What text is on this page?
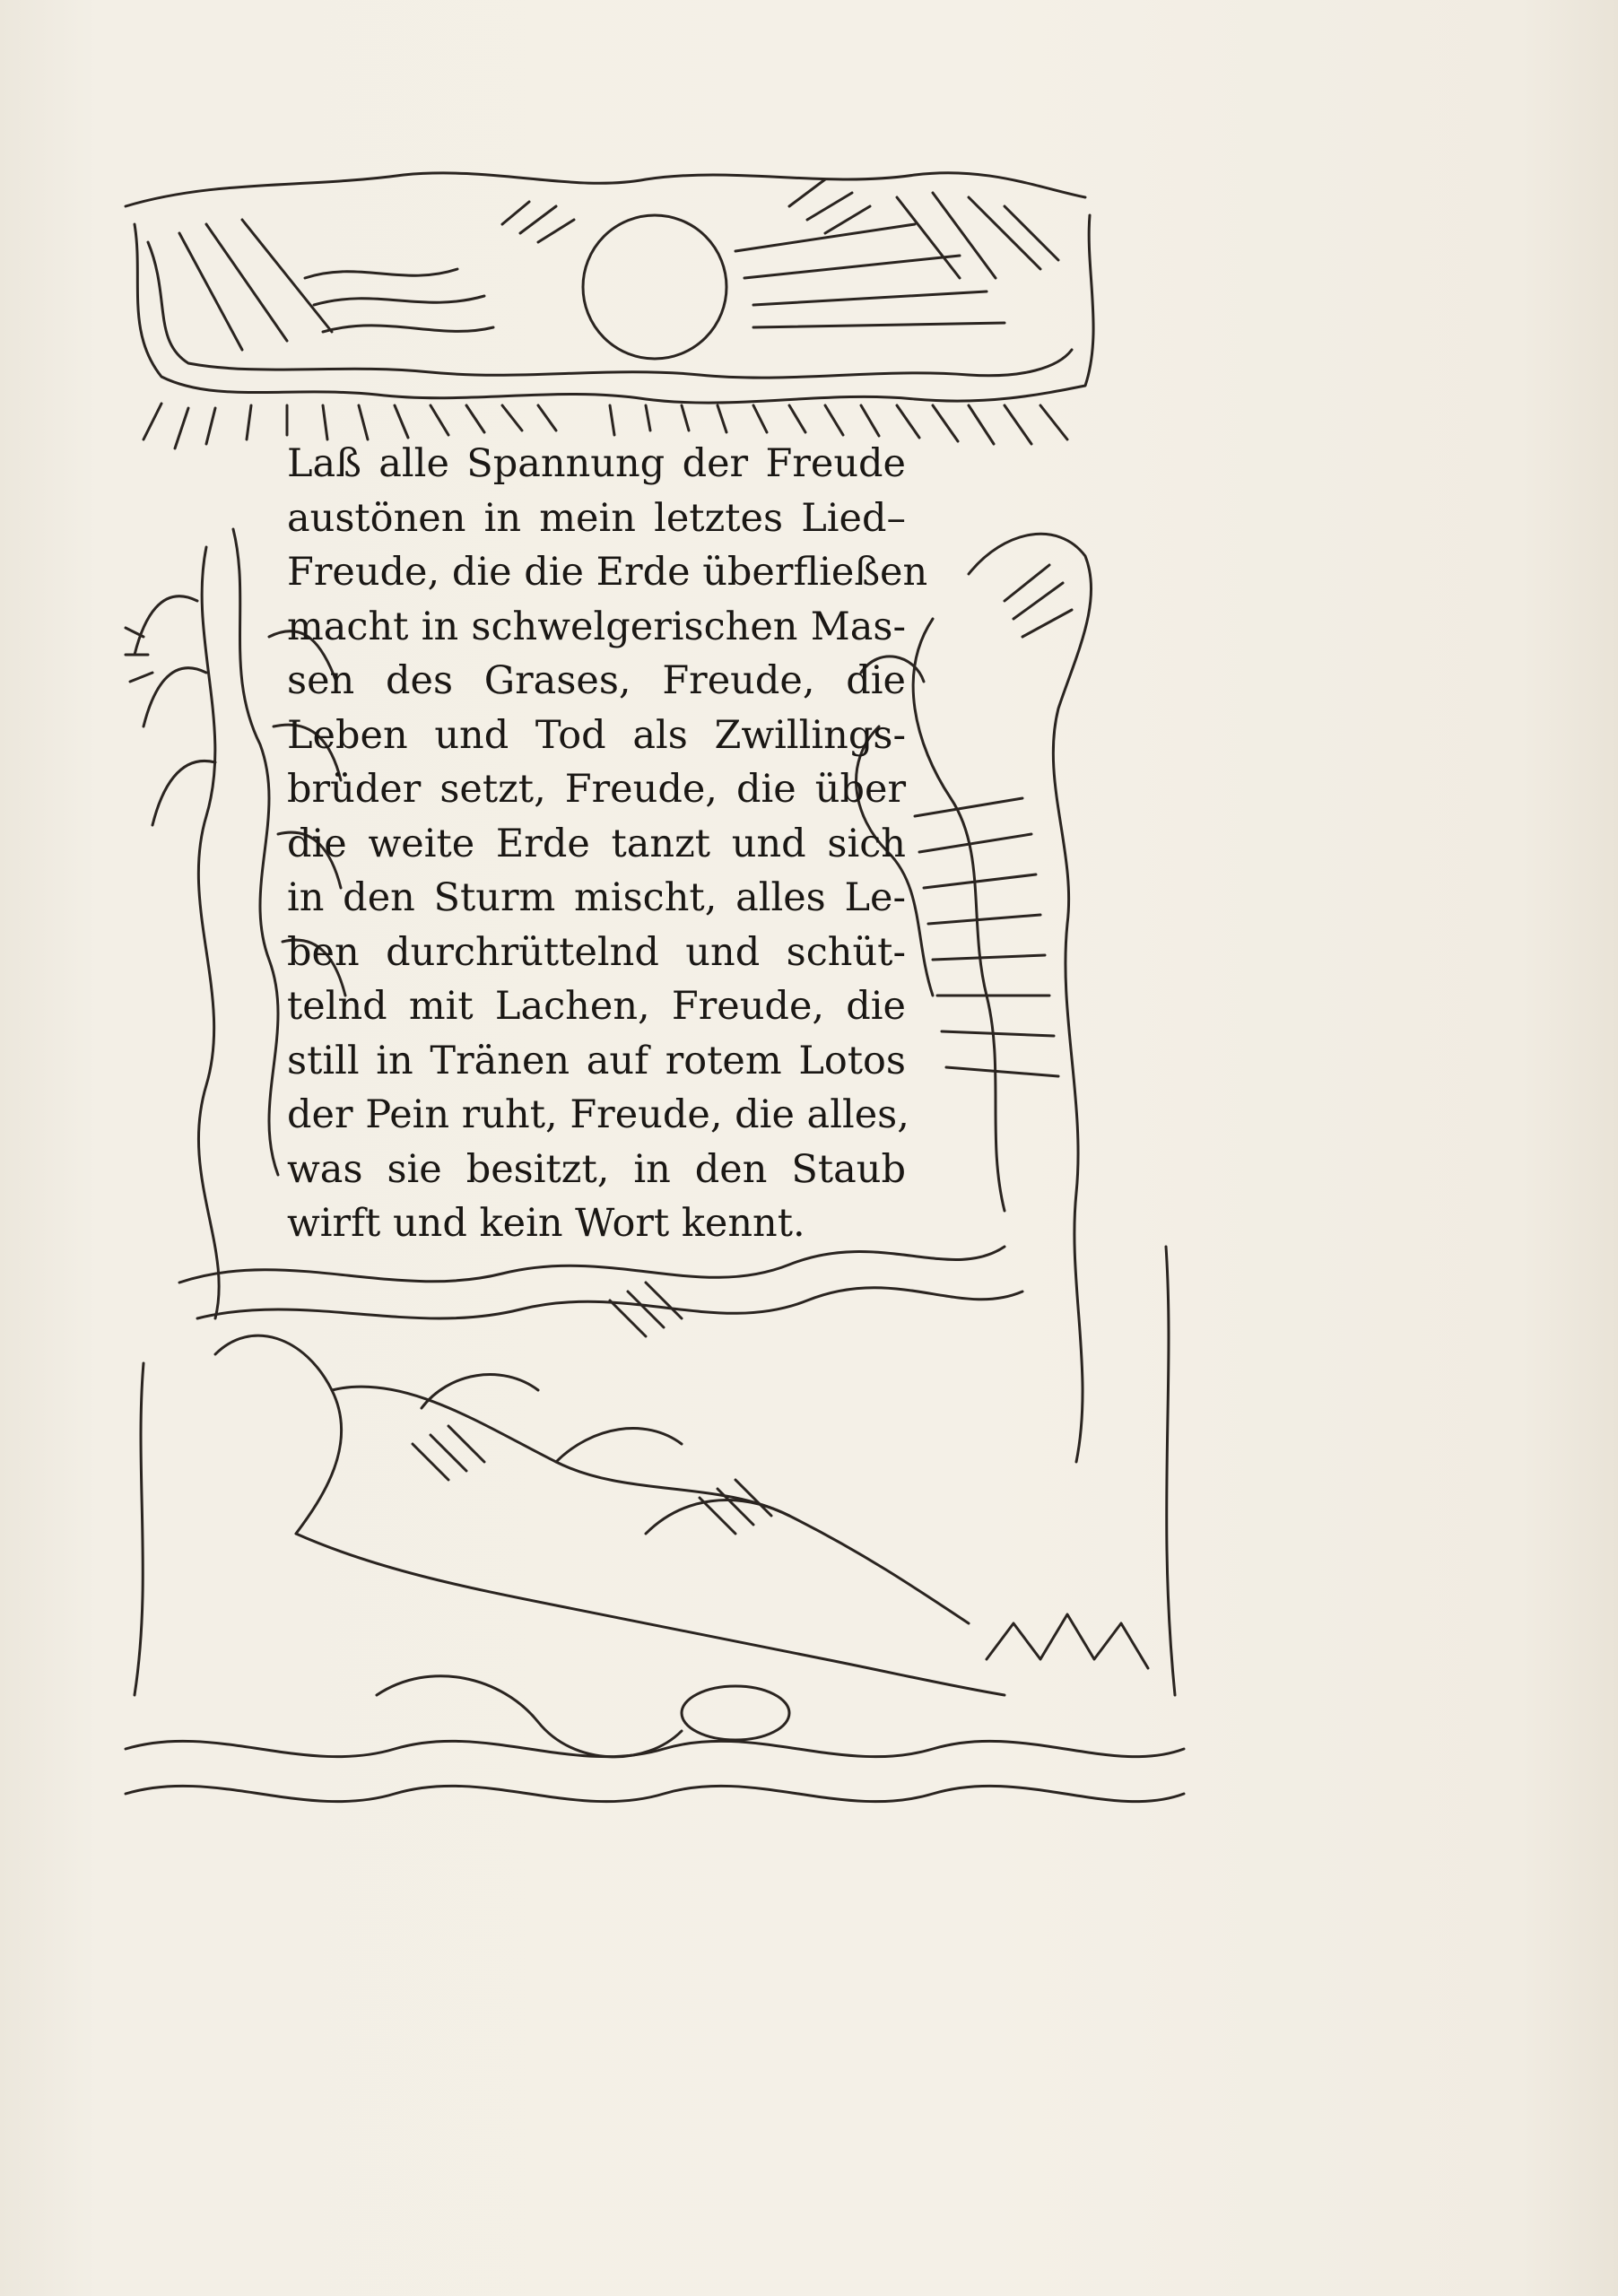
Laß alle Spannung der Freude
austönen in mein letztes Lied–
Freude, die die Erde überfließen
macht in schwelgerischen Mas-
sen des Grases, Freude, die
Leben und Tod als Zwillings-
brüder setzt, Freude, die über
die weite Erde tanzt und sich
in den Sturm mischt, alles Le-
ben durchrüttelnd und schüt-
telnd mit Lachen, Freude, die
still in Tränen auf rotem Lotos
der Pein ruht, Freude, die alles,
was sie besitzt, in den Staub
wirft und kein Wort kennt.
